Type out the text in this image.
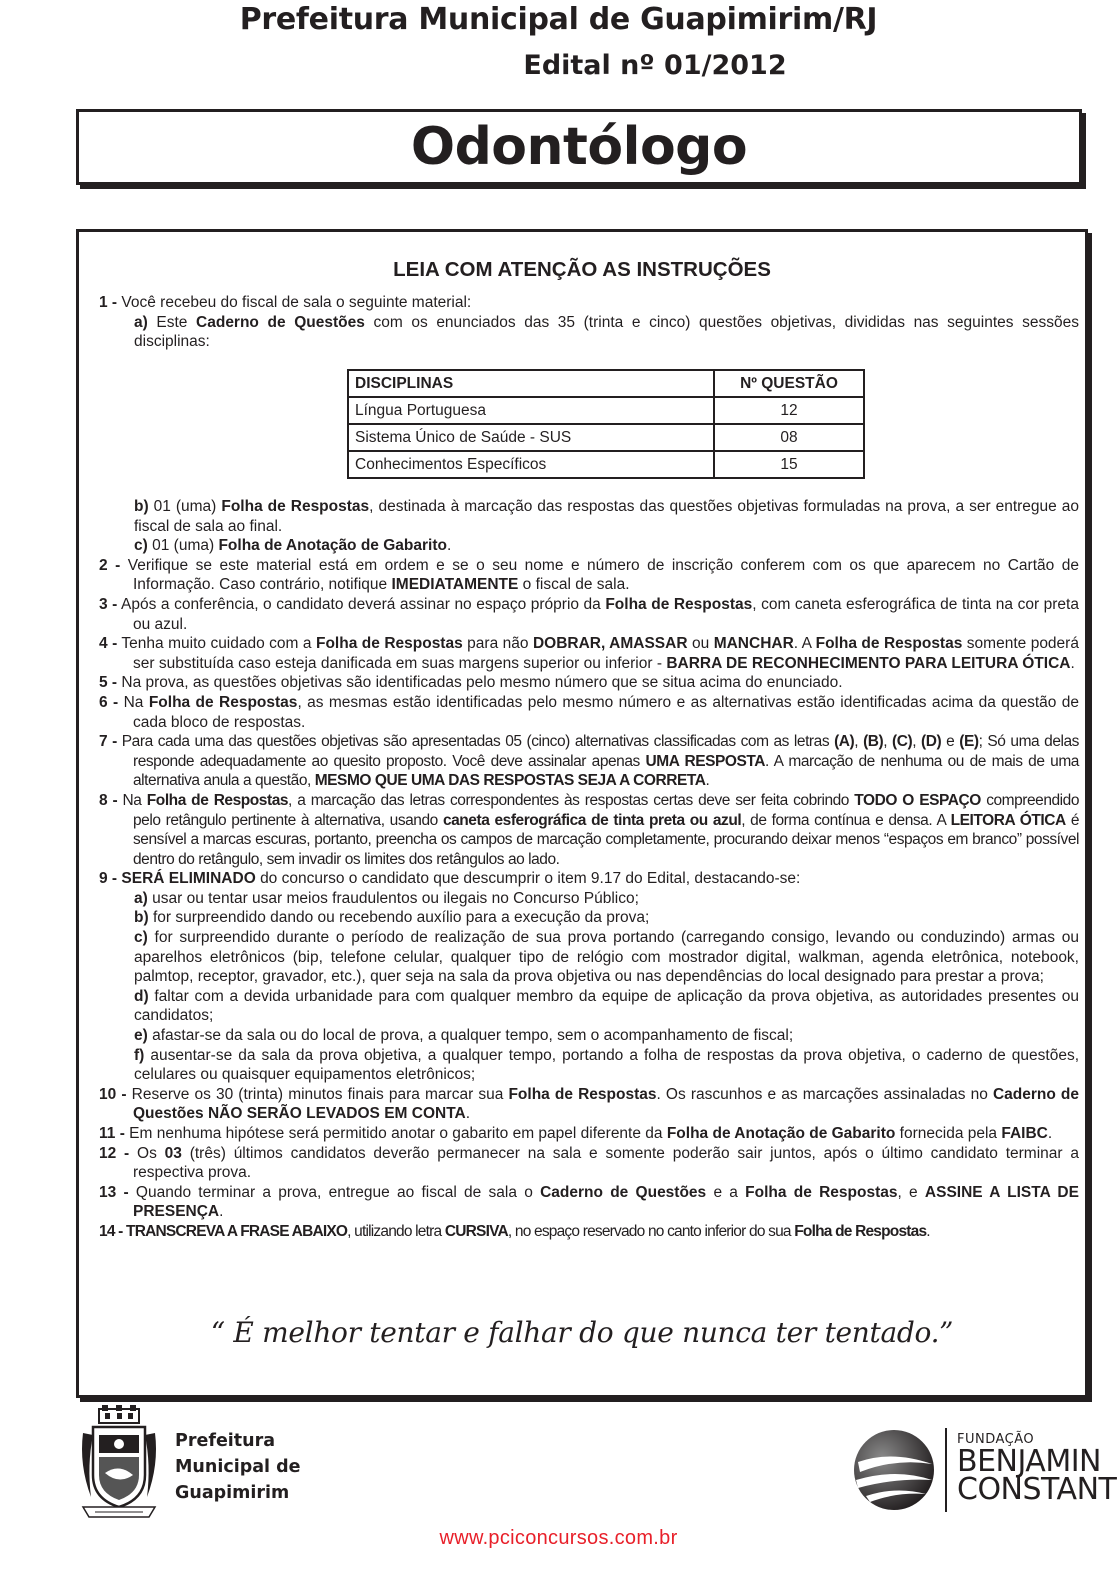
Prefeitura Municipal de Guapimirim/RJ
Edital nº 01/2012
Odontólogo
LEIA COM ATENÇÃO AS INSTRUÇÕES

1 - Você recebeu do fiscal de sala o seguinte material:

a) Este Caderno de Questões com os enunciados das 35 (trinta e cinco) questões objetivas, divididas nas seguintes sessões disciplinas:

DISCIPLINAS	Nº QUESTÃO
Língua Portuguesa	12
Sistema Único de Saúde - SUS	08
Conhecimentos Específicos	15

b) 01 (uma) Folha de Respostas, destinada à marcação das respostas das questões objetivas formuladas na prova, a ser entregue ao fiscal de sala ao final.

c) 01 (uma) Folha de Anotação de Gabarito.

2 - Verifique se este material está em ordem e se o seu nome e número de inscrição conferem com os que aparecem no Cartão de Informação. Caso contrário, notifique IMEDIATAMENTE o fiscal de sala.

3 - Após a conferência, o candidato deverá assinar no espaço próprio da Folha de Respostas, com caneta esferográfica de tinta na cor preta ou azul.

4 - Tenha muito cuidado com a Folha de Respostas para não DOBRAR, AMASSAR ou MANCHAR. A Folha de Respostas somente poderá ser substituída caso esteja danificada em suas margens superior ou inferior - BARRA DE RECONHECIMENTO PARA LEITURA ÓTICA.

5 - Na prova, as questões objetivas são identificadas pelo mesmo número que se situa acima do enunciado.

6 - Na Folha de Respostas, as mesmas estão identificadas pelo mesmo número e as alternativas estão identificadas acima da questão de cada bloco de respostas.

7 - Para cada uma das questões objetivas são apresentadas 05 (cinco) alternativas classificadas com as letras (A), (B), (C), (D) e (E); Só uma delas responde adequadamente ao quesito proposto. Você deve assinalar apenas UMA RESPOSTA. A marcação de nenhuma ou de mais de uma alternativa anula a questão, MESMO QUE UMA DAS RESPOSTAS SEJA A CORRETA.

8 - Na Folha de Respostas, a marcação das letras correspondentes às respostas certas deve ser feita cobrindo TODO O ESPAÇO compreendido pelo retângulo pertinente à alternativa, usando caneta esferográfica de tinta preta ou azul, de forma contínua e densa. A LEITORA ÓTICA é sensível a marcas escuras, portanto, preencha os campos de marcação completamente, procurando deixar menos “espaços em branco” possível dentro do retângulo, sem invadir os limites dos retângulos ao lado.

9 - SERÁ ELIMINADO do concurso o candidato que descumprir o item 9.17 do Edital, destacando-se:

a) usar ou tentar usar meios fraudulentos ou ilegais no Concurso Público;

b) for surpreendido dando ou recebendo auxílio para a execução da prova;

c) for surpreendido durante o período de realização de sua prova portando (carregando consigo, levando ou conduzindo) armas ou aparelhos eletrônicos (bip, telefone celular, qualquer tipo de relógio com mostrador digital, walkman, agenda eletrônica, notebook, palmtop, receptor, gravador, etc.), quer seja na sala da prova objetiva ou nas dependências do local designado para prestar a prova;

d) faltar com a devida urbanidade para com qualquer membro da equipe de aplicação da prova objetiva, as autoridades presentes ou candidatos;

e) afastar-se da sala ou do local de prova, a qualquer tempo, sem o acompanhamento de fiscal;

f) ausentar-se da sala da prova objetiva, a qualquer tempo, portando a folha de respostas da prova objetiva, o caderno de questões, celulares ou quaisquer equipamentos eletrônicos;

10 - Reserve os 30 (trinta) minutos finais para marcar sua Folha de Respostas. Os rascunhos e as marcações assinaladas no Caderno de Questões NÃO SERÃO LEVADOS EM CONTA.

11 - Em nenhuma hipótese será permitido anotar o gabarito em papel diferente da Folha de Anotação de Gabarito fornecida pela FAIBC.

12 - Os 03 (três) últimos candidatos deverão permanecer na sala e somente poderão sair juntos, após o último candidato terminar a respectiva prova.

13 - Quando terminar a prova, entregue ao fiscal de sala o Caderno de Questões e a Folha de Respostas, e ASSINE A LISTA DE PRESENÇA.

14 - TRANSCREVA A FRASE ABAIXO, utilizando letra CURSIVA, no espaço reservado no canto inferior do sua Folha de Respostas.

“ É melhor tentar e falhar do que nunca ter tentado.”
Prefeitura
Municipal de
Guapimirim
FUNDAÇÃO
BENJAMIN
CONSTANT
www.pciconcursos.com.br
